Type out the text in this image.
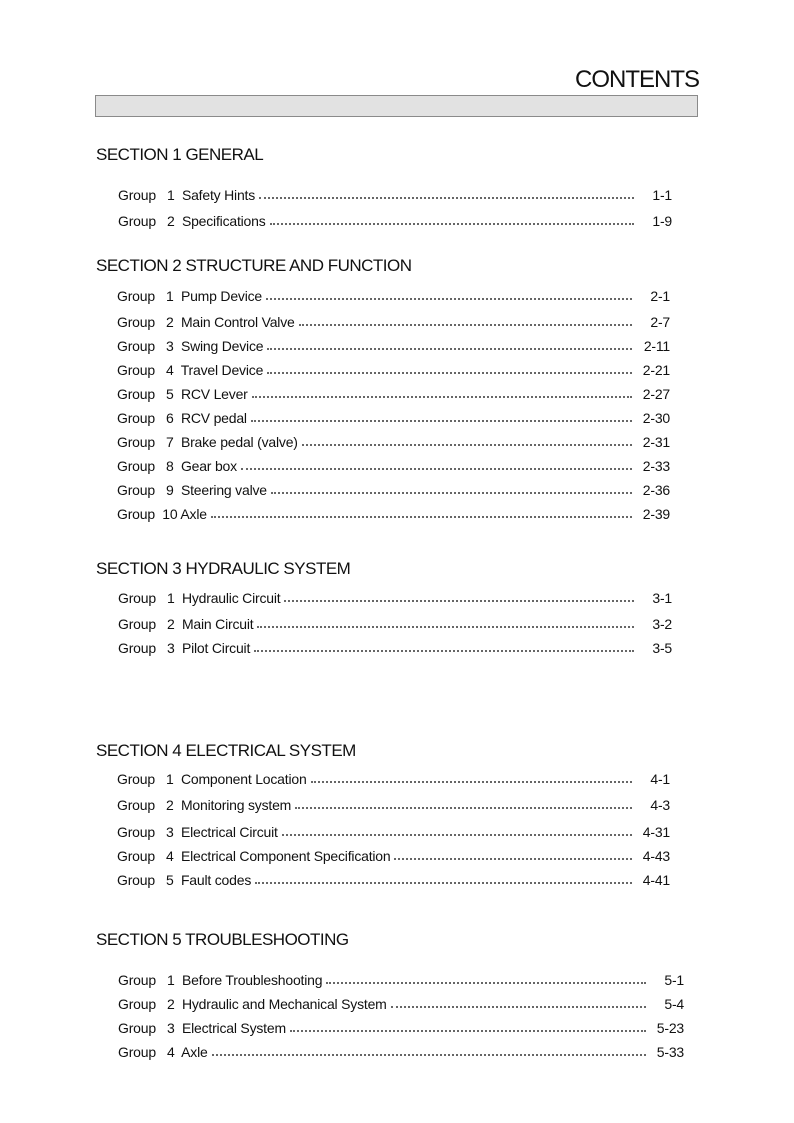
CONTENTS
SECTION 1 GENERAL
Group   1  Safety Hints	1-1
Group   2  Specifications	1-9
SECTION 2 STRUCTURE AND FUNCTION
Group   1  Pump Device	2-1
Group   2  Main Control Valve	2-7
Group   3  Swing Device	2-11
Group   4  Travel Device	2-21
Group   5  RCV Lever	2-27
Group   6  RCV pedal	2-30
Group   7  Brake pedal (valve)	2-31
Group   8  Gear box	2-33
Group   9  Steering valve	2-36
Group  10 Axle	2-39
SECTION 3 HYDRAULIC SYSTEM
Group   1  Hydraulic Circuit	3-1
Group   2  Main Circuit	3-2
Group   3  Pilot Circuit	3-5
SECTION 4 ELECTRICAL SYSTEM
Group   1  Component Location	4-1
Group   2  Monitoring system	4-3
Group   3  Electrical Circuit	4-31
Group   4  Electrical Component Specification	4-43
Group   5  Fault codes	4-41
SECTION 5 TROUBLESHOOTING
Group   1  Before Troubleshooting	5-1
Group   2  Hydraulic and Mechanical System	5-4
Group   3  Electrical System	5-23
Group   4  Axle	5-33
